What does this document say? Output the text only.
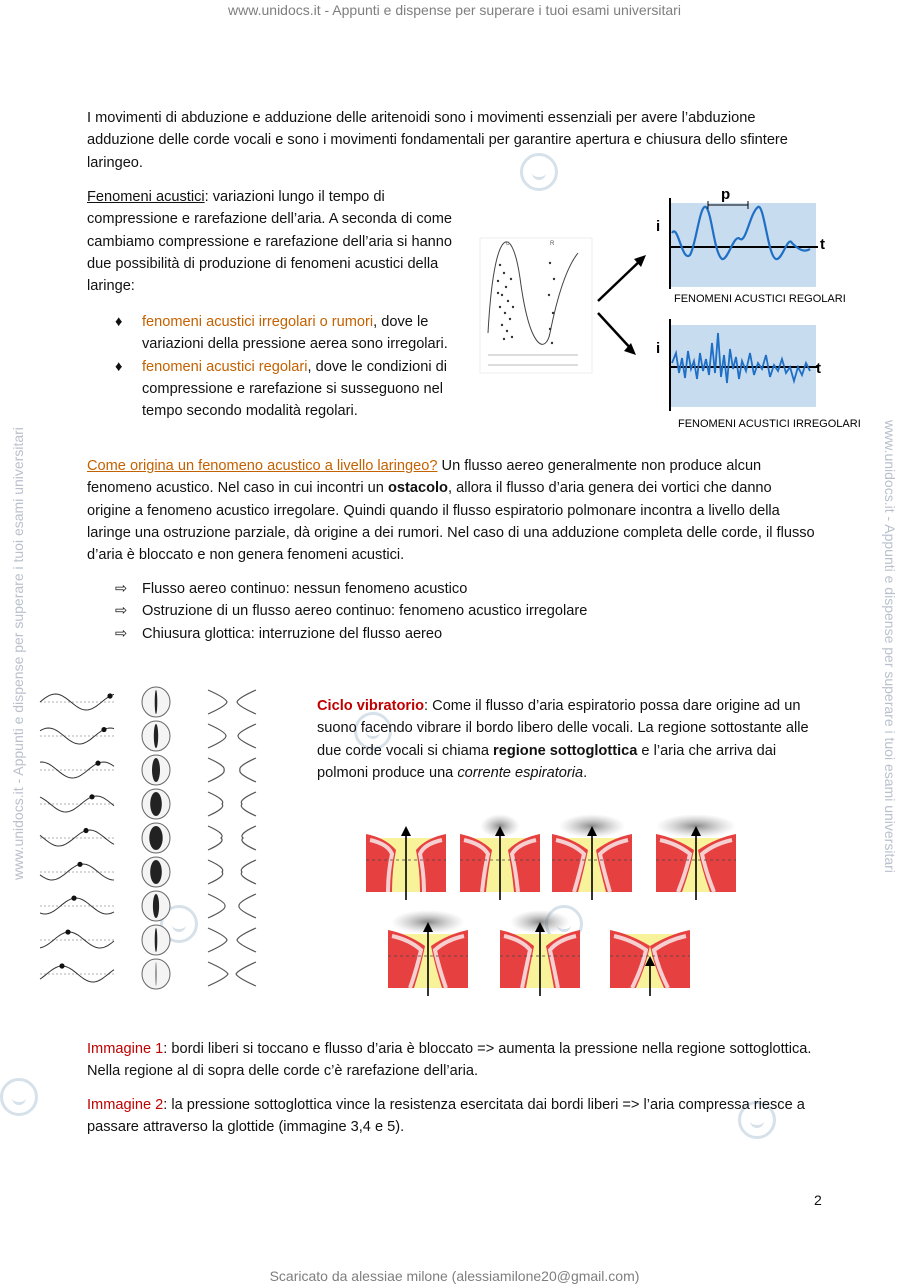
www.unidocs.it - Appunti e dispense per superare i tuoi esami universitari
Scaricato da alessiae milone (alessiamilone20@gmail.com)
www.unidocs.it - Appunti e dispense per superare i tuoi esami universitari	www.unidocs.it - Appunti e dispense per superare i tuoi esami universitari
I movimenti di abduzione e adduzione delle aritenoidi sono i movimenti essenziali per avere l’abduzione adduzione delle corde vocali e sono i movimenti fondamentali per garantire apertura e chiusura dello sfintere laringeo.
Fenomeni acustici: variazioni lungo il tempo di compressione e rarefazione dell’aria. A seconda di come cambiamo compressione e rarefazione dell’aria si hanno due possibilità di produzione di fenomeni acustici della laringe:
♦ fenomeni acustici irregolari o rumori, dove le variazioni della pressione aerea sono irregolari.
♦ fenomeni acustici regolari, dove le condizioni di compressione e rarefazione si susseguono nel tempo secondo modalità regolari.
c	R
p
i
t
FENOMENI ACUSTICI REGOLARI
i
t
FENOMENI ACUSTICI IRREGOLARI
Come origina un fenomeno acustico a livello laringeo? Un flusso aereo generalmente non produce alcun fenomeno acustico. Nel caso in cui incontri un ostacolo, allora il flusso d’aria genera dei vortici che danno origine a fenomeno acustico irregolare. Quindi quando il flusso espiratorio polmonare incontra a livello della laringe una ostruzione parziale, dà origine a dei rumori. Nel caso di una adduzione completa delle corde, il flusso d’aria è bloccato e non genera fenomeni acustici.
⇨ Flusso aereo continuo: nessun fenomeno acustico
⇨ Ostruzione di un flusso aereo continuo: fenomeno acustico irregolare
⇨ Chiusura glottica: interruzione del flusso aereo
Ciclo vibratorio: Come il flusso d’aria espiratorio possa dare origine ad un suono facendo vibrare il bordo libero delle vocali. La regione sottostante alle due corde vocali si chiama regione sottoglottica e l’aria che arriva dai polmoni produce una corrente espiratoria.
Immagine 1: bordi liberi si toccano e flusso d’aria è bloccato => aumenta la pressione nella regione sottoglottica. Nella regione al di sopra delle corde c’è rarefazione dell’aria.
Immagine 2: la pressione sottoglottica vince la resistenza esercitata dai bordi liberi => l’aria compressa riesce a passare attraverso la glottide (immagine 3,4 e 5).
2
